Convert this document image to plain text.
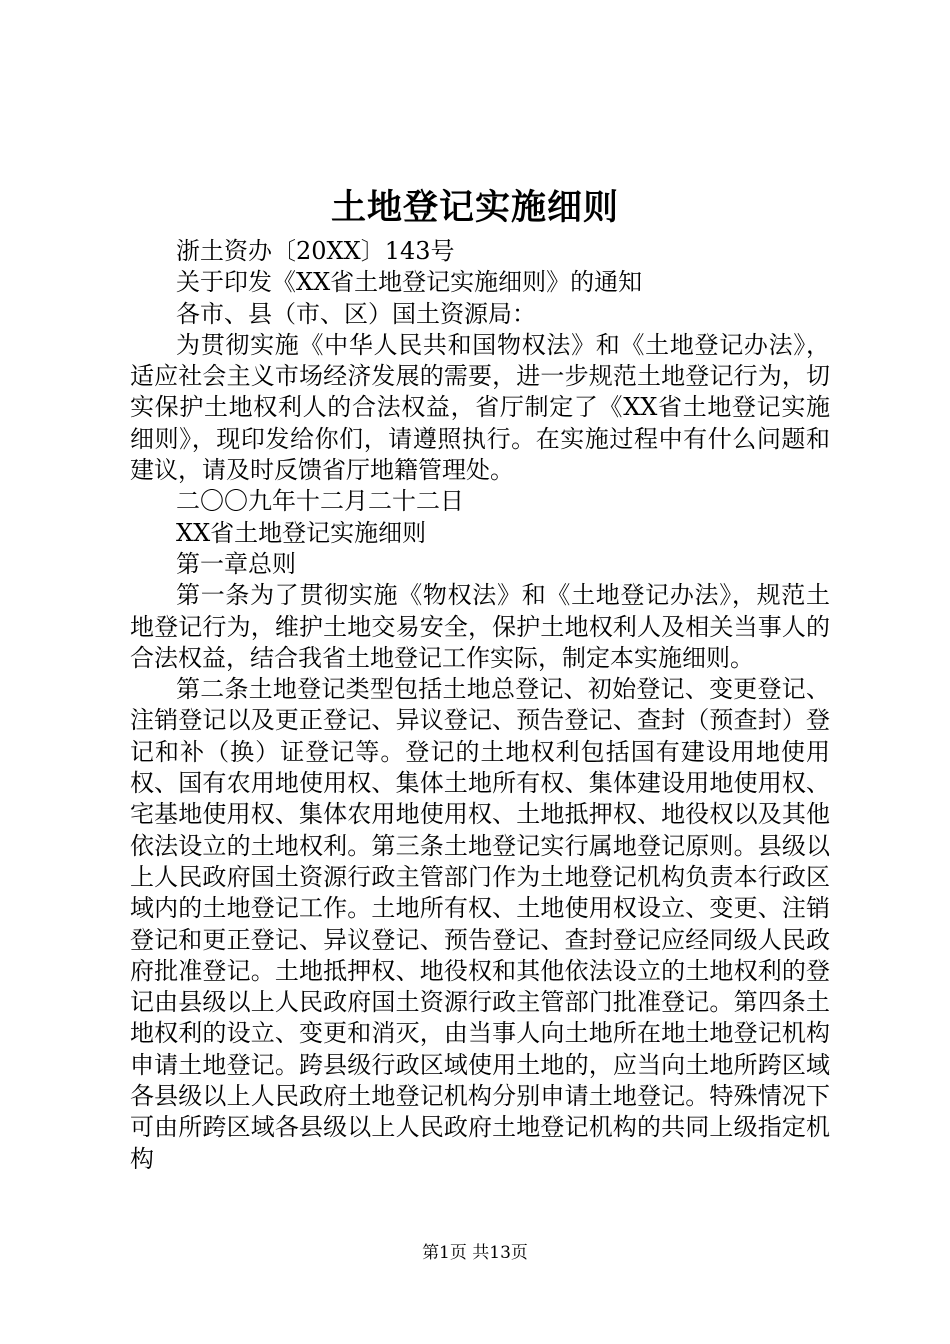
土地登记实施细则

浙土资办〔20XX〕143号

关于印发《XX省土地登记实施细则》的通知

各市、县（市、区）国土资源局：

为贯彻实施《中华人民共和国物权法》和《土地登记办法》，适应社会主义市场经济发展的需要，进一步规范土地登记行为，切实保护土地权利人的合法权益，省厅制定了《XX省土地登记实施细则》，现印发给你们，请遵照执行。在实施过程中有什么问题和建议，请及时反馈省厅地籍管理处。

二〇〇九年十二月二十二日

XX省土地登记实施细则

第一章总则

第一条为了贯彻实施《物权法》和《土地登记办法》，规范土地登记行为，维护土地交易安全，保护土地权利人及相关当事人的合法权益，结合我省土地登记工作实际，制定本实施细则。

第二条土地登记类型包括土地总登记、初始登记、变更登记、注销登记以及更正登记、异议登记、预告登记、查封（预查封）登记和补（换）证登记等。登记的土地权利包括国有建设用地使用权、国有农用地使用权、集体土地所有权、集体建设用地使用权、宅基地使用权、集体农用地使用权、土地抵押权、地役权以及其他依法设立的土地权利。第三条土地登记实行属地登记原则。县级以上人民政府国土资源行政主管部门作为土地登记机构负责本行政区域内的土地登记工作。土地所有权、土地使用权设立、变更、注销登记和更正登记、异议登记、预告登记、查封登记应经同级人民政府批准登记。土地抵押权、地役权和其他依法设立的土地权利的登记由县级以上人民政府国土资源行政主管部门批准登记。第四条土地权利的设立、变更和消灭，由当事人向土地所在地土地登记机构申请土地登记。跨县级行政区域使用土地的，应当向土地所跨区域各县级以上人民政府土地登记机构分别申请土地登记。特殊情况下可由所跨区域各县级以上人民政府土地登记机构的共同上级指定机构

第1页 共13页
